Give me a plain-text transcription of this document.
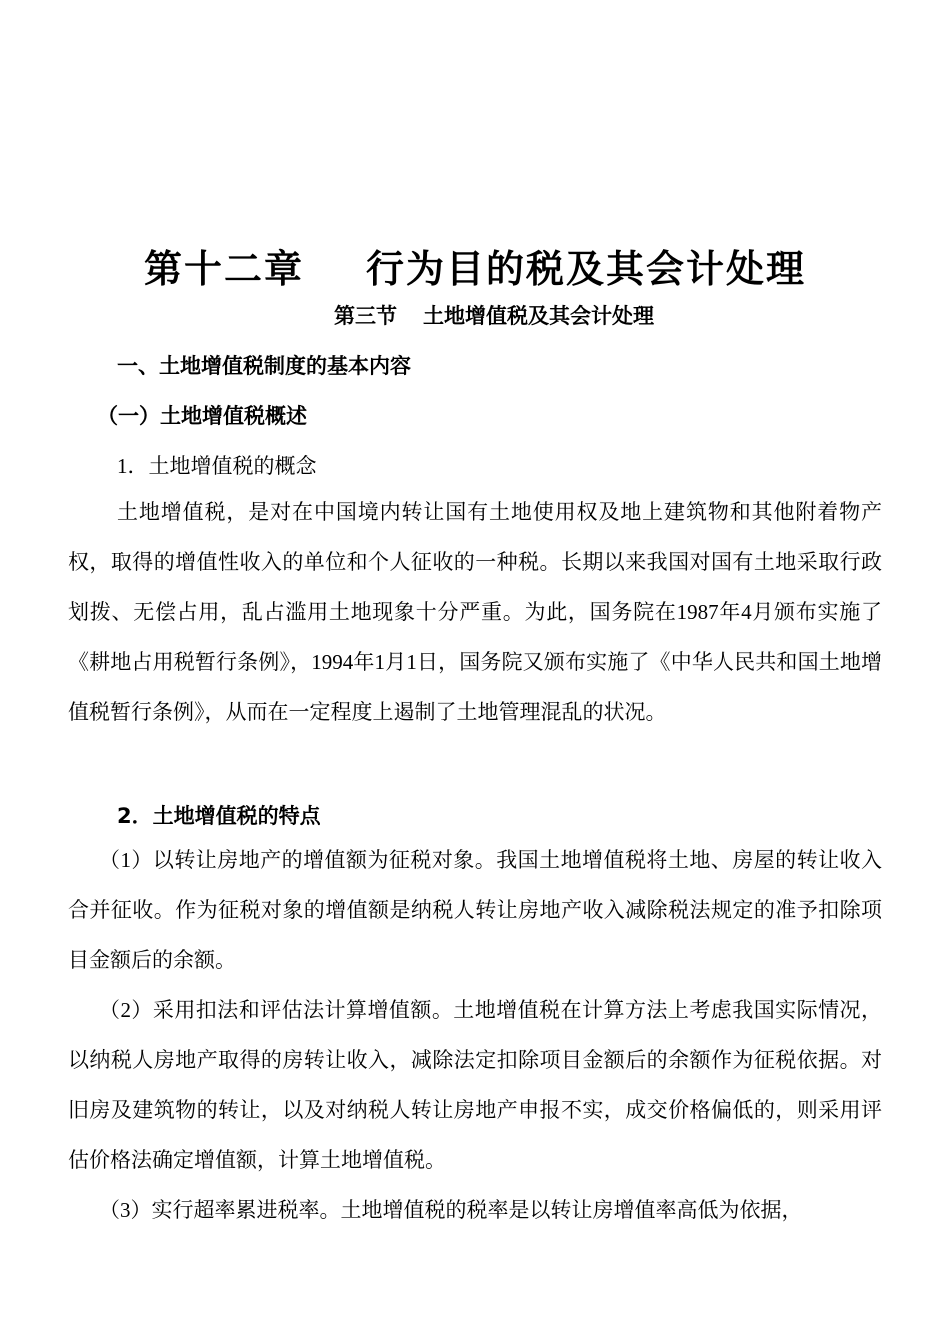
第十二章 行为目的税及其会计处理
第三节 土地增值税及其会计处理
一、土地增值税制度的基本内容
（一）土地增值税概述
1．土地增值税的概念

土地增值税，是对在中国境内转让国有土地使用权及地上建筑物和其他附着物产权，取得的增值性收入的单位和个人征收的一种税。长期以来我国对国有土地采取行政划拨、无偿占用，乱占滥用土地现象十分严重。为此，国务院在1987年4月颁布实施了《耕地占用税暂行条例》，1994年1月1日，国务院又颁布实施了《中华人民共和国土地增值税暂行条例》，从而在一定程度上遏制了土地管理混乱的状况。

2．土地增值税的特点

（1）以转让房地产的增值额为征税对象。我国土地增值税将土地、房屋的转让收入合并征收。作为征税对象的增值额是纳税人转让房地产收入减除税法规定的准予扣除项目金额后的余额。

（2）采用扣法和评估法计算增值额。土地增值税在计算方法上考虑我国实际情况，以纳税人房地产取得的房转让收入，减除法定扣除项目金额后的余额作为征税依据。对旧房及建筑物的转让，以及对纳税人转让房地产申报不实，成交价格偏低的，则采用评估价格法确定增值额，计算土地增值税。

（3）实行超率累进税率。土地增值税的税率是以转让房增值率高低为依据，
